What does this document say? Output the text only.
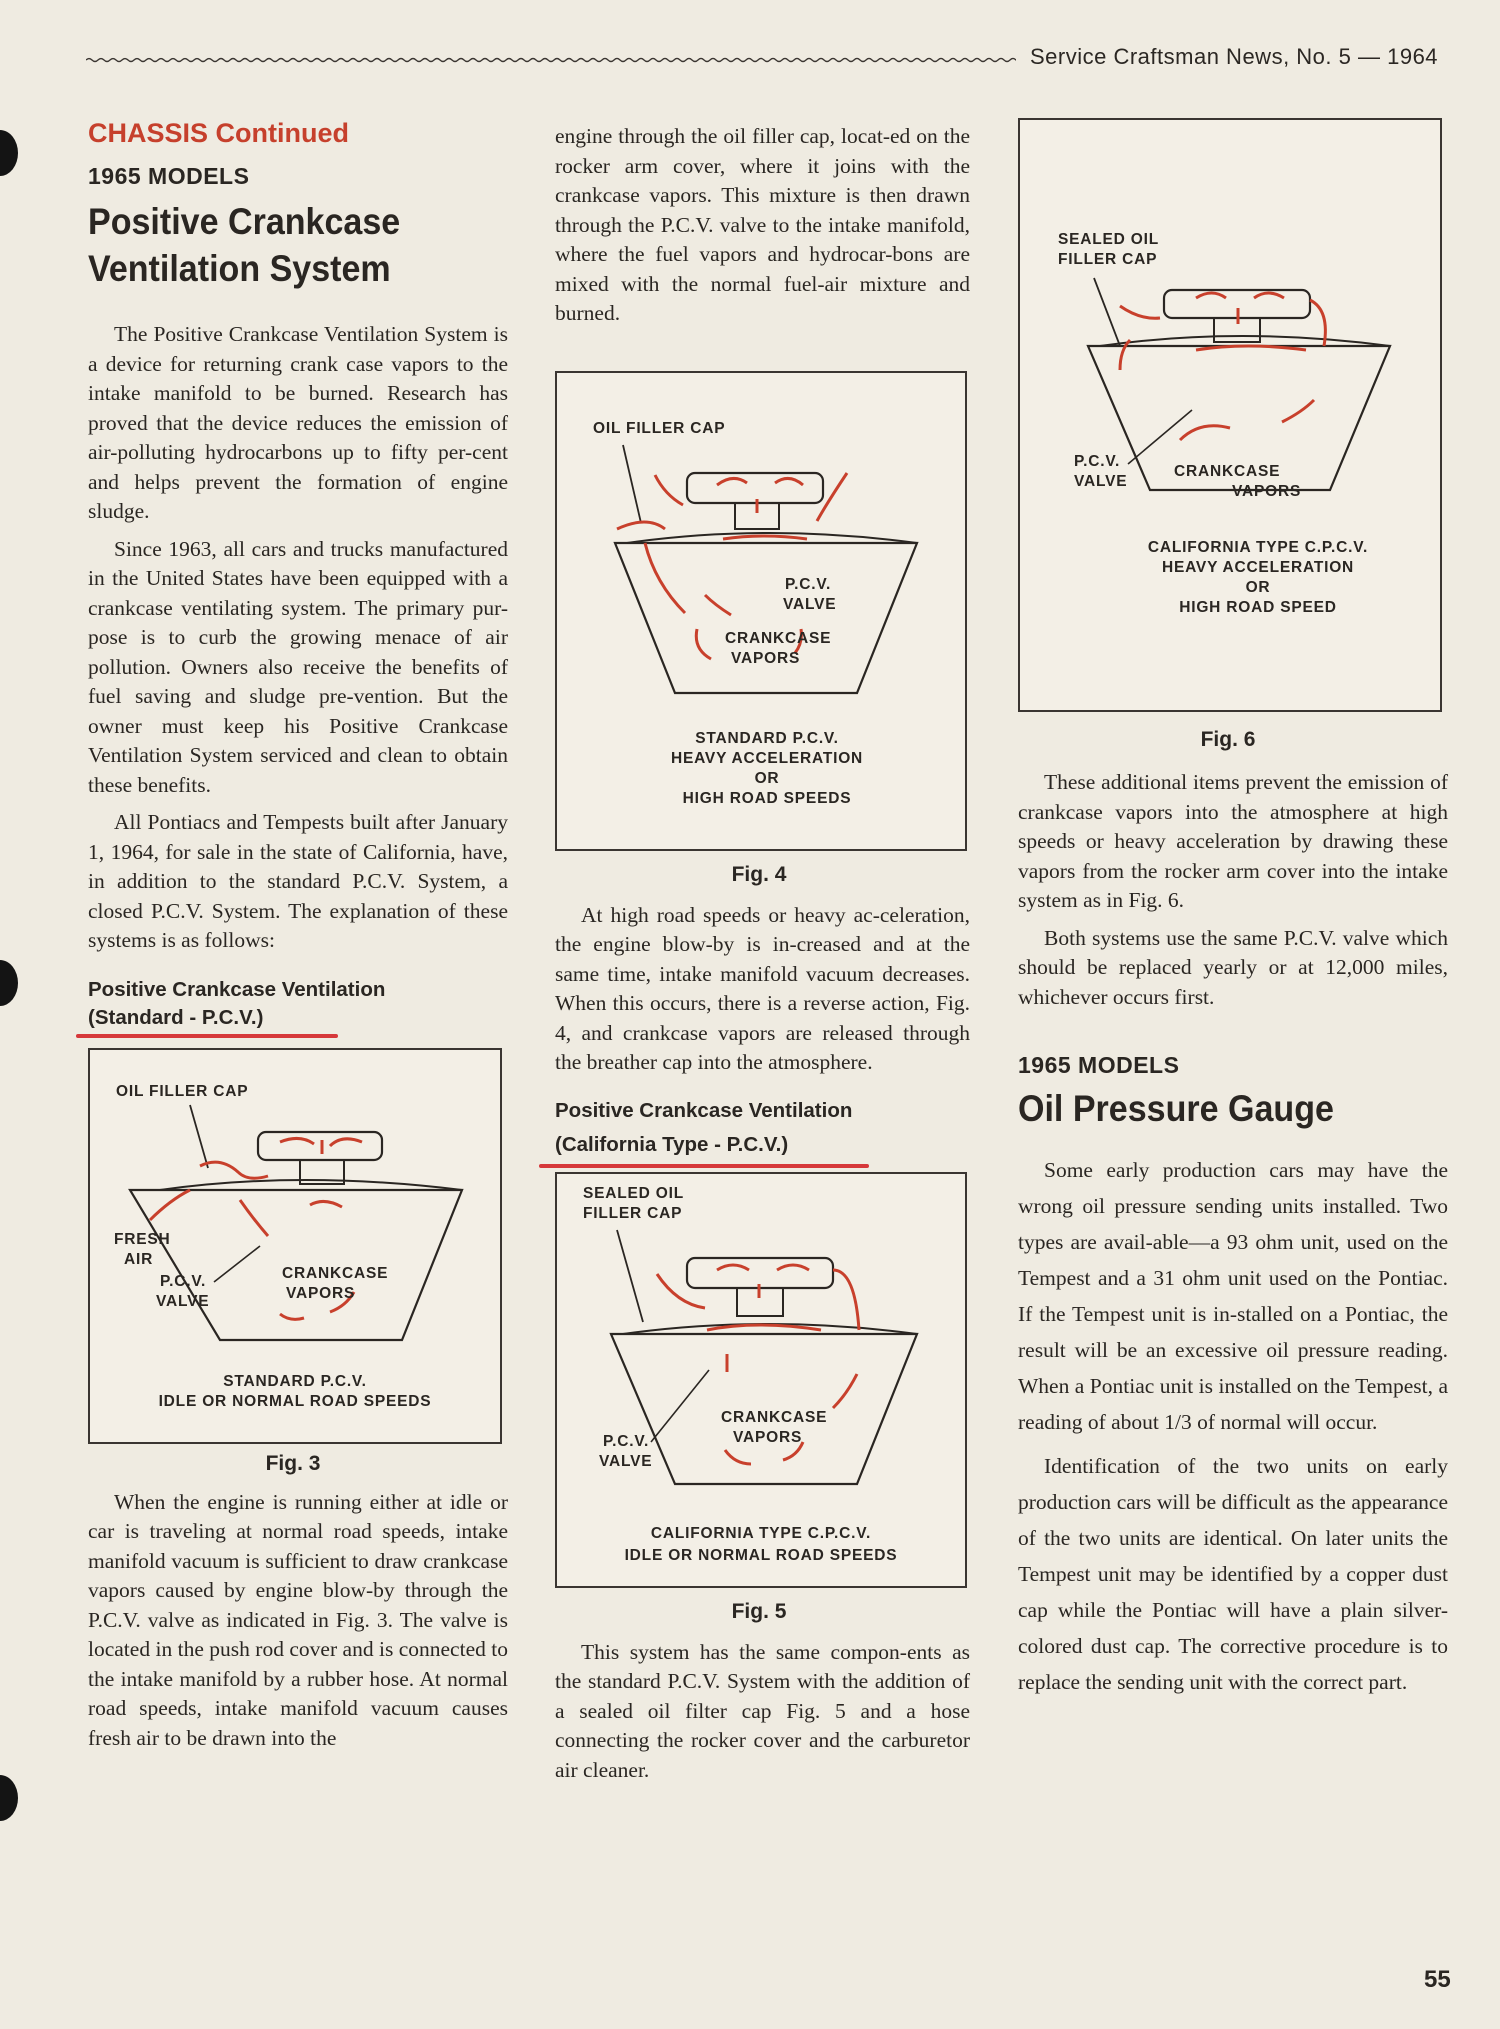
Service Craftsman News, No. 5 — 1964
CHASSIS Continued
1965 MODELS
Positive Crankcase
Ventilation System

The Positive Crankcase Ventilation System is a device for returning crank case vapors to the intake manifold to be burned. Research has proved that the device reduces the emission of air-polluting hydrocarbons up to fifty per-cent and helps prevent the formation of engine sludge.

Since 1963, all cars and trucks manufactured in the United States have been equipped with a crankcase ventilating system. The primary pur-pose is to curb the growing menace of air pollution. Owners also receive the benefits of fuel saving and sludge pre-vention. But the owner must keep his Positive Crankcase Ventilation System serviced and clean to obtain these benefits.

All Pontiacs and Tempests built after January 1, 1964, for sale in the state of California, have, in addition to the standard P.C.V. System, a closed P.C.V. System. The explanation of these systems is as follows:

Positive Crankcase Ventilation
(Standard - P.C.V.)
OIL FILLER CAP
FRESH
AIR
P.C.V.
VALVE
CRANKCASE
VAPORS
STANDARD P.C.V.
IDLE OR NORMAL ROAD SPEEDS
Fig. 3

When the engine is running either at idle or car is traveling at normal road speeds, intake manifold vacuum is sufficient to draw crankcase vapors caused by engine blow-by through the P.C.V. valve as indicated in Fig. 3. The valve is located in the push rod cover and is connected to the intake manifold by a rubber hose. At normal road speeds, intake manifold vacuum causes fresh air to be drawn into the

engine through the oil filler cap, locat-ed on the rocker arm cover, where it joins with the crankcase vapors. This mixture is then drawn through the P.C.V. valve to the intake manifold, where the fuel vapors and hydrocar-bons are mixed with the normal fuel-air mixture and burned.

OIL FILLER CAP
P.C.V.
VALVE
CRANKCASE
VAPORS
STANDARD P.C.V.
HEAVY ACCELERATION
OR
HIGH ROAD SPEEDS
Fig. 4

At high road speeds or heavy ac-celeration, the engine blow-by is in-creased and at the same time, intake manifold vacuum decreases. When this occurs, there is a reverse action, Fig. 4, and crankcase vapors are released through the breather cap into the atmosphere.

Positive Crankcase Ventilation
(California Type - P.C.V.)
SEALED OIL
FILLER CAP
P.C.V.
VALVE
CRANKCASE
VAPORS
CALIFORNIA TYPE C.P.C.V.
IDLE OR NORMAL ROAD SPEEDS
Fig. 5

This system has the same compon-ents as the standard P.C.V. System with the addition of a sealed oil filter cap Fig. 5 and a hose connecting the rocker cover and the carburetor air cleaner.

SEALED OIL
FILLER CAP
P.C.V.
VALVE
CRANKCASE
VAPORS
CALIFORNIA TYPE C.P.C.V.
HEAVY ACCELERATION
OR
HIGH ROAD SPEED
Fig. 6

These additional items prevent the emission of crankcase vapors into the atmosphere at high speeds or heavy acceleration by drawing these vapors from the rocker arm cover into the intake system as in Fig. 6.

Both systems use the same P.C.V. valve which should be replaced yearly or at 12,000 miles, whichever occurs first.

1965 MODELS
Oil Pressure Gauge

Some early production cars may have the wrong oil pressure sending units installed. Two types are avail-able—a 93 ohm unit, used on the Tempest and a 31 ohm unit used on the Pontiac. If the Tempest unit is in-stalled on a Pontiac, the result will be an excessive oil pressure reading. When a Pontiac unit is installed on the Tempest, a reading of about 1/3 of normal will occur.

Identification of the two units on early production cars will be difficult as the appearance of the two units are identical. On later units the Tempest unit may be identified by a copper dust cap while the Pontiac will have a plain silver-colored dust cap. The corrective procedure is to replace the sending unit with the correct part.

55
